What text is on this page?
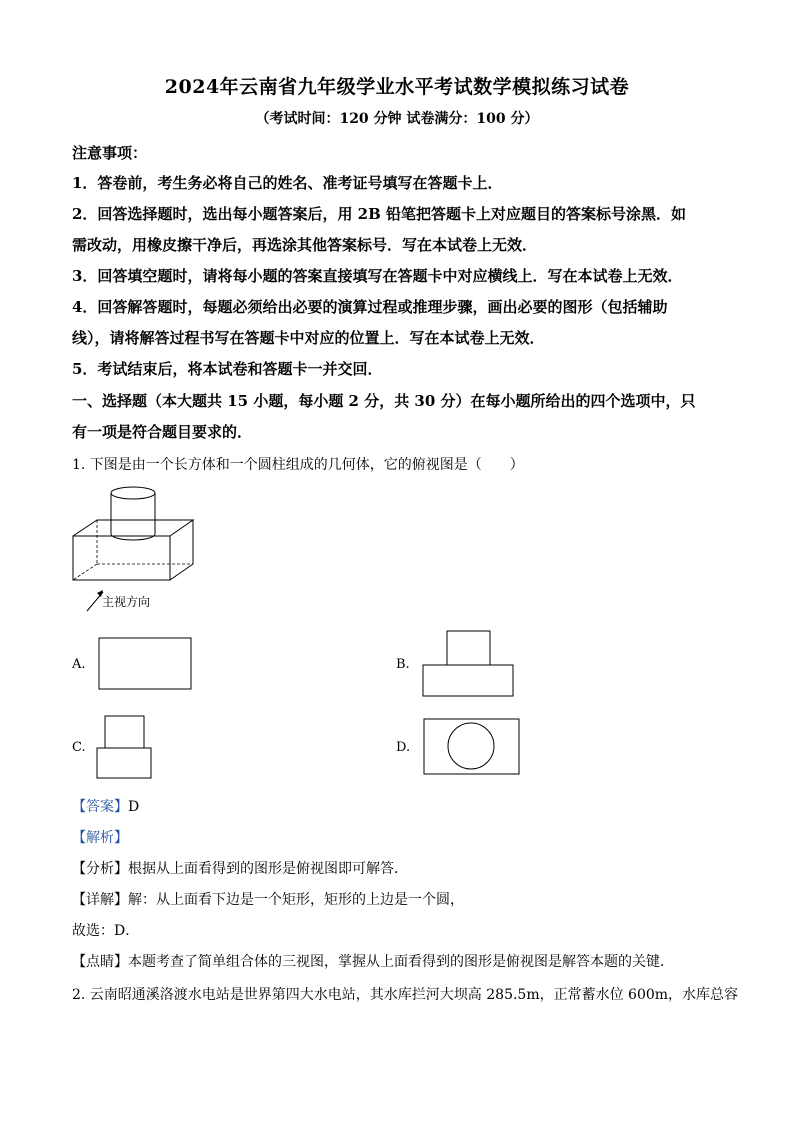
2024年云南省九年级学业水平考试数学模拟练习试卷
（考试时间：120 分钟 试卷满分：100 分）
注意事项：
1．答卷前，考生务必将自己的姓名、准考证号填写在答题卡上．
2．回答选择题时，选出每小题答案后，用 2B 铅笔把答题卡上对应题目的答案标号涂黑．如
需改动，用橡皮擦干净后，再选涂其他答案标号．写在本试卷上无效．
3．回答填空题时，请将每小题的答案直接填写在答题卡中对应横线上．写在本试卷上无效．
4．回答解答题时，每题必须给出必要的演算过程或推理步骤，画出必要的图形（包括辅助
线），请将解答过程书写在答题卡中对应的位置上．写在本试卷上无效．
5．考试结束后，将本试卷和答题卡一并交回．
一、选择题（本大题共 15 小题，每小题 2 分，共 30 分）在每小题所给出的四个选项中，只
有一项是符合题目要求的．
1. 下图是由一个长方体和一个圆柱组成的几何体，它的俯视图是（　　）
主视方向
A.	B.
C.	D.
【答案】D
【解析】
【分析】根据从上面看得到的图形是俯视图即可解答．
【详解】解：从上面看下边是一个矩形，矩形的上边是一个圆，
故选：D．
【点睛】本题考查了简单组合体的三视图，掌握从上面看得到的图形是俯视图是解答本题的关键．
2. 云南昭通溪洛渡水电站是世界第四大水电站，其水库拦河大坝高 285.5m，正常蓄水位 600m，水库总容
